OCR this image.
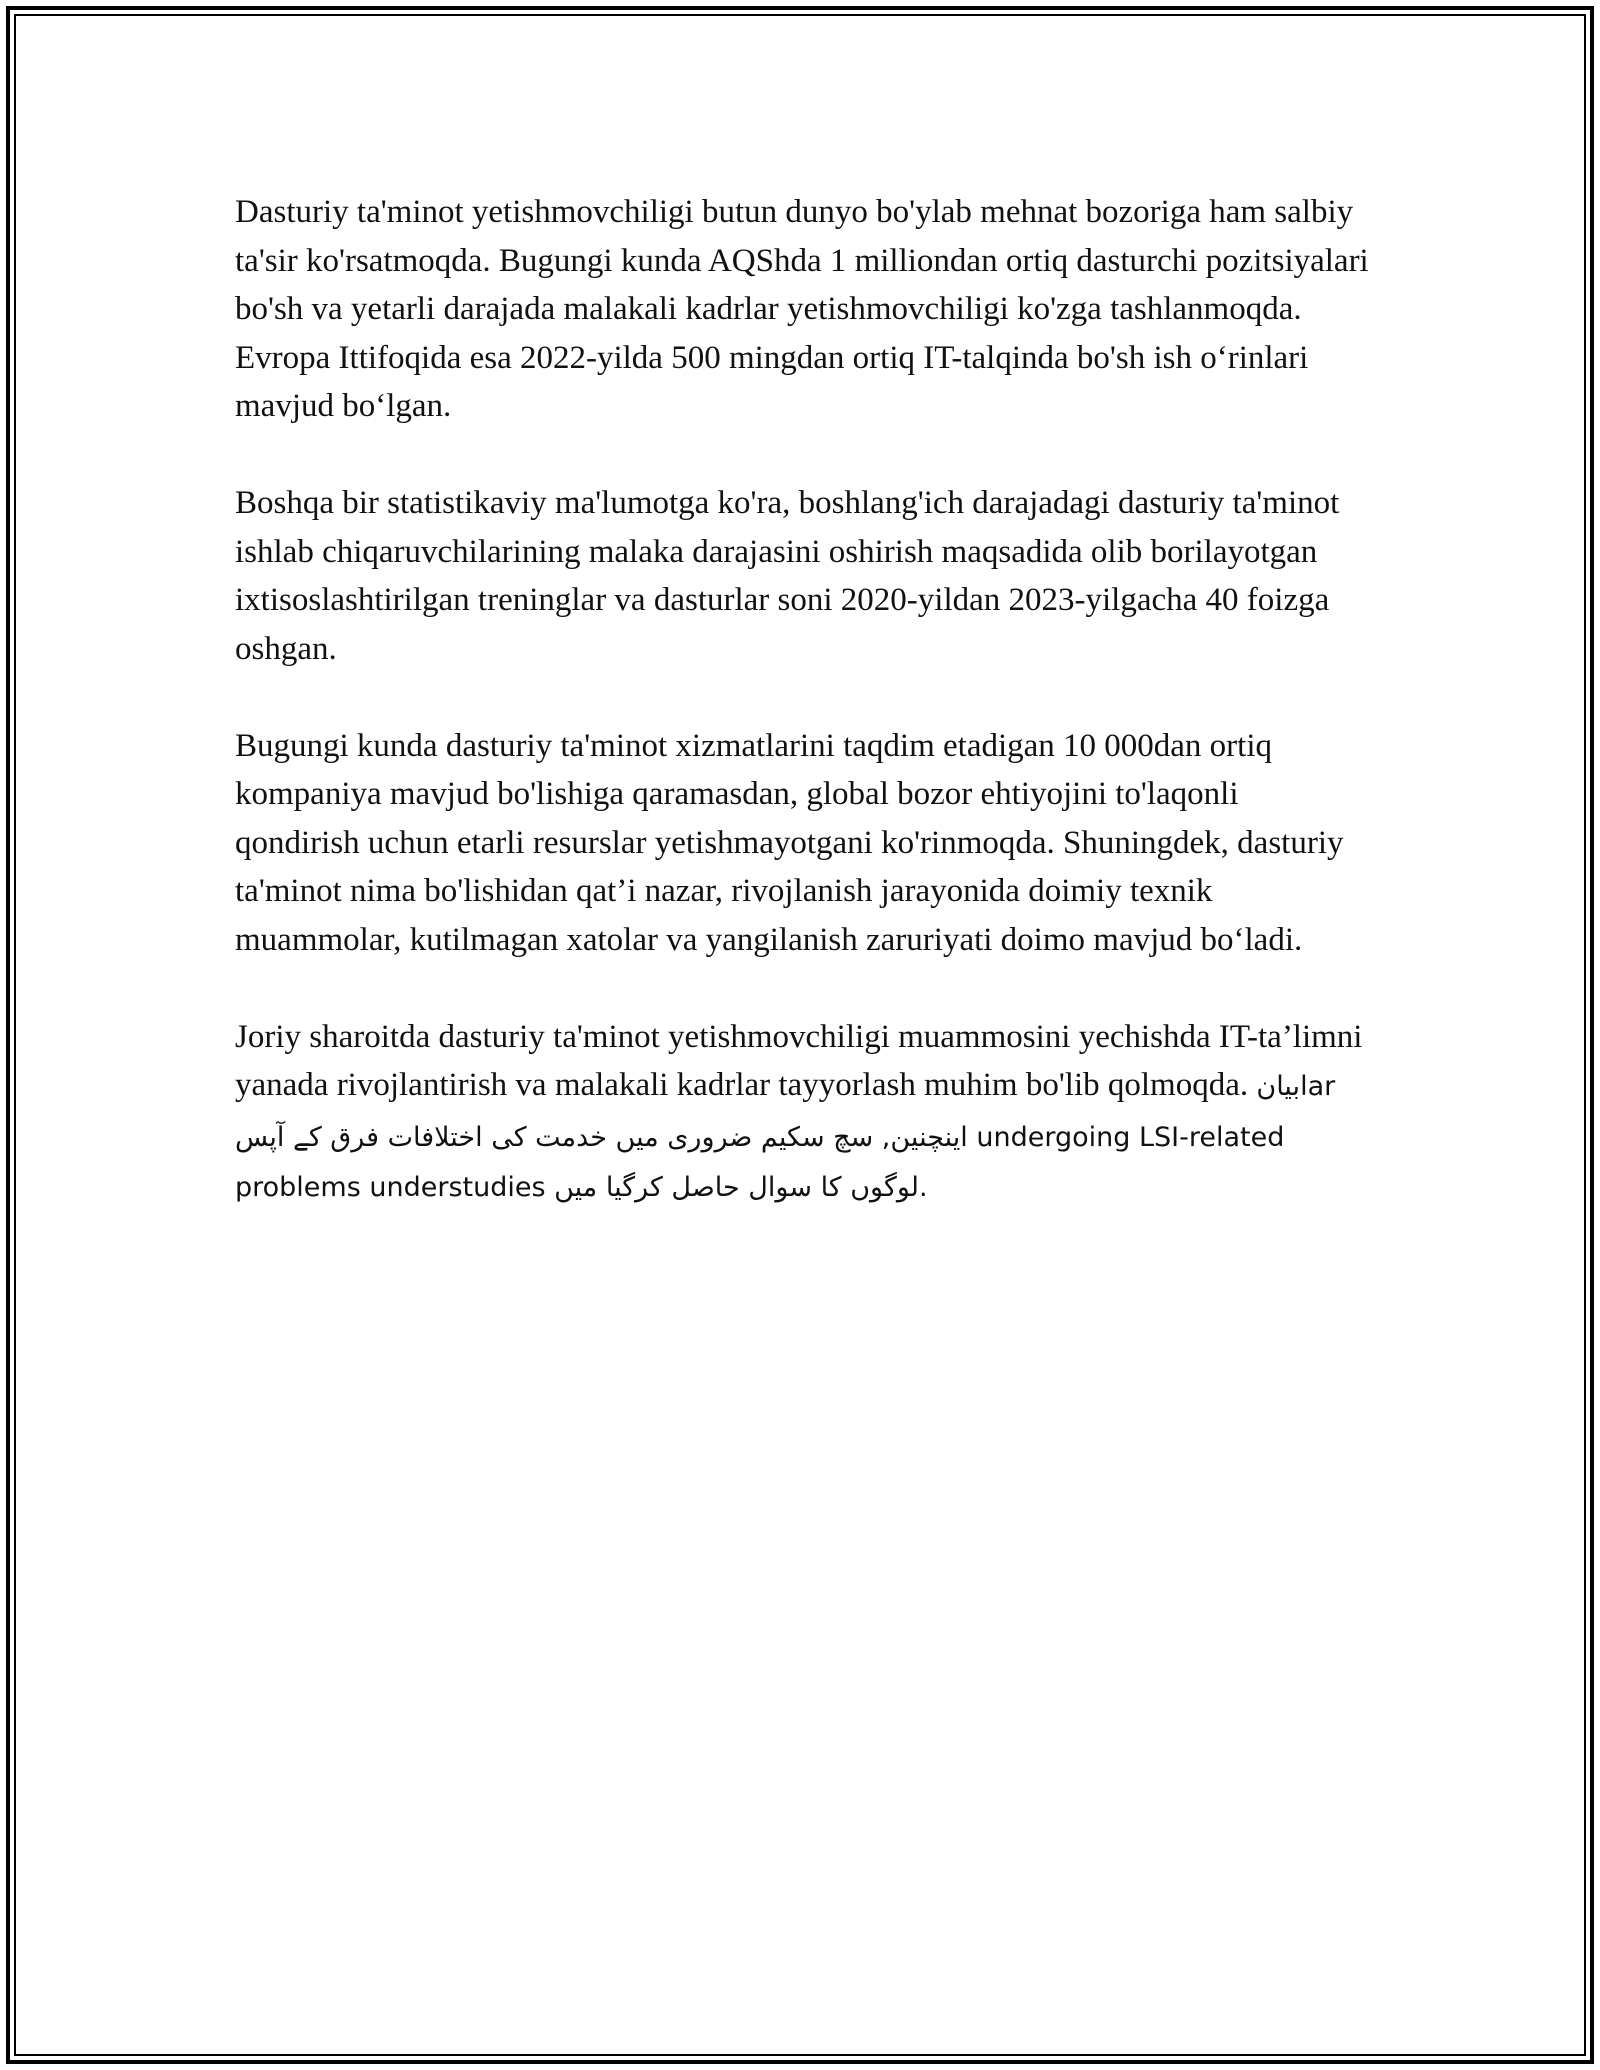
Dasturiy ta'minot yetishmovchiligi butun dunyo bo'ylab mehnat bozoriga ham salbiy ta'sir ko'rsatmoqda. Bugungi kunda AQShda 1 milliondan ortiq dasturchi pozitsiyalari bo'sh va yetarli darajada malakali kadrlar yetishmovchiligi ko'zga tashlanmoqda. Evropa Ittifoqida esa 2022-yilda 500 mingdan ortiq IT-talqinda bo'sh ish o‘rinlari mavjud bo‘lgan.

Boshqa bir statistikaviy ma'lumotga ko'ra, boshlang'ich darajadagi dasturiy ta'minot ishlab chiqaruvchilarining malaka darajasini oshirish maqsadida olib borilayotgan ixtisoslashtirilgan treninglar va dasturlar soni 2020-yildan 2023-yilgacha 40 foizga oshgan.

Bugungi kunda dasturiy ta'minot xizmatlarini taqdim etadigan 10 000dan ortiq kompaniya mavjud bo'lishiga qaramasdan, global bozor ehtiyojini to'laqonli qondirish uchun etarli resurslar yetishmayotgani ko'rinmoqda. Shuningdek, dasturiy ta'minot nima bo'lishidan qat’i nazar, rivojlanish jarayonida doimiy texnik muammolar, kutilmagan xatolar va yangilanish zaruriyati doimo mavjud bo‘ladi.

Joriy sharoitda dasturiy ta'minot yetishmovchiligi muammosini yechishda IT-ta’limni yanada rivojlantirish va malakali kadrlar tayyorlash muhim bo'lib qolmoqda. بیانlar اینچنین, سچ سکیم ضروری میں خدمت کی اختلافات فرق کے آپس undergoing LSI-related problems understudies لوگوں کا سوال حاصل کرگیا میں.
